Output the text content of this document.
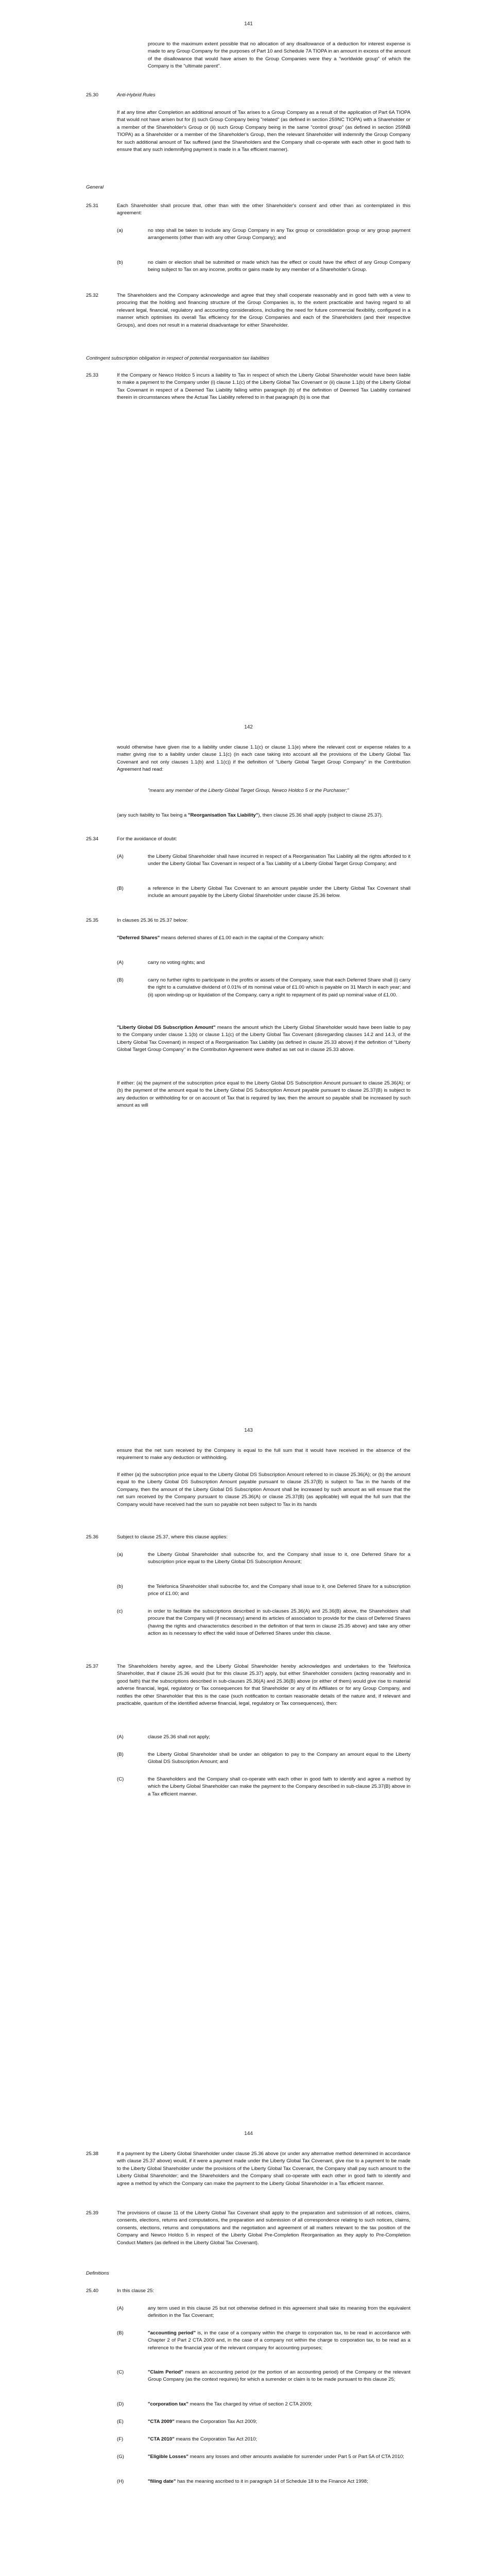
141

procure to the maximum extent possible that no allocation of any disallowance of a deduction for interest expense is made to any Group Company for the purposes of Part 10 and Schedule 7A TIOPA in an amount in excess of the amount of the disallowance that would have arisen to the Group Companies were they a "worldwide group" of which the Company is the "ultimate parent".

25.30	Anti-Hybrid Rules

If at any time after Completion an additional amount of Tax arises to a Group Company as a result of the application of Part 6A TIOPA that would not have arisen but for (i) such Group Company being "related" (as defined in section 259NC TIOPA) with a Shareholder or a member of the Shareholder's Group or (ii) such Group Company being in the same "control group" (as defined in section 259NB TIOPA) as a Shareholder or a member of the Shareholder's Group, then the relevant Shareholder will indemnify the Group Company for such additional amount of Tax suffered (and the Shareholders and the Company shall co-operate with each other in good faith to ensure that any such indemnifying payment is made in a Tax efficient manner).

General

25.31	Each Shareholder shall procure that, other than with the other Shareholder's consent and other than as contemplated in this agreement:

(a)	no step shall be taken to include any Group Company in any Tax group or consolidation group or any group payment arrangements (other than with any other Group Company); and

(b)	no claim or election shall be submitted or made which has the effect or could have the effect of any Group Company being subject to Tax on any income, profits or gains made by any member of a Shareholder's Group.

25.32	The Shareholders and the Company acknowledge and agree that they shall cooperate reasonably and in good faith with a view to procuring that the holding and financing structure of the Group Companies is, to the extent practicable and having regard to all relevant legal, financial, regulatory and accounting considerations, including the need for future commercial flexibility, configured in a manner which optimises its overall Tax efficiency for the Group Companies and each of the Shareholders (and their respective Groups), and does not result in a material disadvantage for either Shareholder.

Contingent subscription obligation in respect of potential reorganisation tax liabilities

25.33	If the Company or Newco Holdco 5 incurs a liability to Tax in respect of which the Liberty Global Shareholder would have been liable to make a payment to the Company under (i) clause 1.1(c) of the Liberty Global Tax Covenant or (ii) clause 1.1(b) of the Liberty Global Tax Covenant in respect of a Deemed Tax Liability falling within paragraph (b) of the definition of Deemed Tax Liability contained therein in circumstances where the Actual Tax Liability referred to in that paragraph (b) is one that

142

would otherwise have given rise to a liability under clause 1.1(c) or clause 1.1(e) where the relevant cost or expense relates to a matter giving rise to a liability under clause 1.1(c) (in each case taking into account all the provisions of the Liberty Global Tax Covenant and not only clauses 1.1(b) and 1.1(c)) if the definition of "Liberty Global Target Group Company" in the Contribution Agreement had read:

"means any member of the Liberty Global Target Group, Newco Holdco 5 or the Purchaser;"

(any such liability to Tax being a "Reorganisation Tax Liability"), then clause 25.36 shall apply (subject to clause 25.37).

25.34	For the avoidance of doubt:

(A)	the Liberty Global Shareholder shall have incurred in respect of a Reorganisation Tax Liability all the rights afforded to it under the Liberty Global Tax Covenant in respect of a Tax Liability of a Liberty Global Target Group Company; and

(B)	a reference in the Liberty Global Tax Covenant to an amount payable under the Liberty Global Tax Covenant shall include an amount payable by the Liberty Global Shareholder under clause 25.36 below.

25.35	In clauses 25.36 to 25.37 below:

"Deferred Shares" means deferred shares of £1.00 each in the capital of the Company which:

(A)	carry no voting rights; and

(B)	carry no further rights to participate in the profits or assets of the Company, save that each Deferred Share shall (i) carry the right to a cumulative dividend of 0.01% of its nominal value of £1.00 which is payable on 31 March in each year; and (ii) upon winding-up or liquidation of the Company, carry a right to repayment of its paid up nominal value of £1.00.

"Liberty Global DS Subscription Amount" means the amount which the Liberty Global Shareholder would have been liable to pay to the Company under clause 1.1(b) or clause 1.1(c) of the Liberty Global Tax Covenant (disregarding clauses 14.2 and 14.3, of the Liberty Global Tax Covenant) in respect of a Reorganisation Tax Liability (as defined in clause 25.33 above) if the definition of "Liberty Global Target Group Company" in the Contribution Agreement were drafted as set out in clause 25.33 above.

If either: (a) the payment of the subscription price equal to the Liberty Global DS Subscription Amount pursuant to clause 25.36(A); or (b) the payment of the amount equal to the Liberty Global DS Subscription Amount payable pursuant to clause 25.37(B) is subject to any deduction or withholding for or on account of Tax that is required by law, then the amount so payable shall be increased by such amount as will

143

ensure that the net sum received by the Company is equal to the full sum that it would have received in the absence of the requirement to make any deduction or withholding.

If either (a) the subscription price equal to the Liberty Global DS Subscription Amount referred to in clause 25.36(A); or (b) the amount equal to the Liberty Global DS Subscription Amount payable pursuant to clause 25.37(B) is subject to Tax in the hands of the Company, then the amount of the Liberty Global DS Subscription Amount shall be increased by such amount as will ensure that the net sum received by the Company pursuant to clause 25.36(A) or clause 25.37(B) (as applicable) will equal the full sum that the Company would have received had the sum so payable not been subject to Tax in its hands

25.36	Subject to clause 25.37, where this clause applies:

(a)	the Liberty Global Shareholder shall subscribe for, and the Company shall issue to it, one Deferred Share for a subscription price equal to the Liberty Global DS Subscription Amount;

(b)	the Telefonica Shareholder shall subscribe for, and the Company shall issue to it, one Deferred Share for a subscription price of £1.00; and

(c)	in order to facilitate the subscriptions described in sub-clauses 25.36(A) and 25.36(B) above, the Shareholders shall procure that the Company will (if necessary) amend its articles of association to provide for the class of Deferred Shares (having the rights and characteristics described in the definition of that term in clause 25.35 above) and take any other action as is necessary to effect the valid issue of Deferred Shares under this clause.

25.37	The Shareholders hereby agree, and the Liberty Global Shareholder hereby acknowledges and undertakes to the Telefonica Shareholder, that if clause 25.36 would (but for this clause 25.37) apply, but either Shareholder considers (acting reasonably and in good faith) that the subscriptions described in sub-clauses 25.36(A) and 25.36(B) above (or either of them) would give rise to material adverse financial, legal, regulatory or Tax consequences for that Shareholder or any of its Affiliates or for any Group Company, and notifies the other Shareholder that this is the case (such notification to contain reasonable details of the nature and, if relevant and practicable, quantum of the identified adverse financial, legal, regulatory or Tax consequences), then:

(A)	clause 25.36 shall not apply;

(B)	the Liberty Global Shareholder shall be under an obligation to pay to the Company an amount equal to the Liberty Global DS Subscription Amount; and

(C)	the Shareholders and the Company shall co-operate with each other in good faith to identify and agree a method by which the Liberty Global Shareholder can make the payment to the Company described in sub-clause 25.37(B) above in a Tax efficient manner.

144

25.38	If a payment by the Liberty Global Shareholder under clause 25.36 above (or under any alternative method determined in accordance with clause 25.37 above) would, if it were a payment made under the Liberty Global Tax Covenant, give rise to a payment to be made to the Liberty Global Shareholder under the provisions of the Liberty Global Tax Covenant, the Company shall pay such amount to the Liberty Global Shareholder; and the Shareholders and the Company shall co-operate with each other in good faith to identify and agree a method by which the Company can make the payment to the Liberty Global Shareholder in a Tax efficient manner.

25.39	The provisions of clause 11 of the Liberty Global Tax Covenant shall apply to the preparation and submission of all notices, claims, consents, elections, returns and computations, the preparation and submission of all correspondence relating to such notices, claims, consents, elections, returns and computations and the negotiation and agreement of all matters relevant to the tax position of the Company and Newco Holdco 5 in respect of the Liberty Global Pre-Completion Reorganisation as they apply to Pre-Completion Conduct Matters (as defined in the Liberty Global Tax Covenant).

Definitions

25.40	In this clause 25:

(A)	any term used in this clause 25 but not otherwise defined in this agreement shall take its meaning from the equivalent definition in the Tax Covenant;

(B)	"accounting period" is, in the case of a company within the charge to corporation tax, to be read in accordance with Chapter 2 of Part 2 CTA 2009 and, in the case of a company not within the charge to corporation tax, to be read as a reference to the financial year of the relevant company for accounting purposes;

(C)	"Claim Period" means an accounting period (or the portion of an accounting period) of the Company or the relevant Group Company (as the context requires) for which a surrender or claim is to be made pursuant to this clause 25;

(D)	"corporation tax" means the Tax charged by virtue of section 2 CTA 2009;

(E)	"CTA 2009" means the Corporation Tax Act 2009;

(F)	"CTA 2010" means the Corporation Tax Act 2010;

(G)	"Eligible Losses" means any losses and other amounts available for surrender under Part 5 or Part 5A of CTA 2010;

(H)	"filing date" has the meaning ascribed to it in paragraph 14 of Schedule 18 to the Finance Act 1998;
